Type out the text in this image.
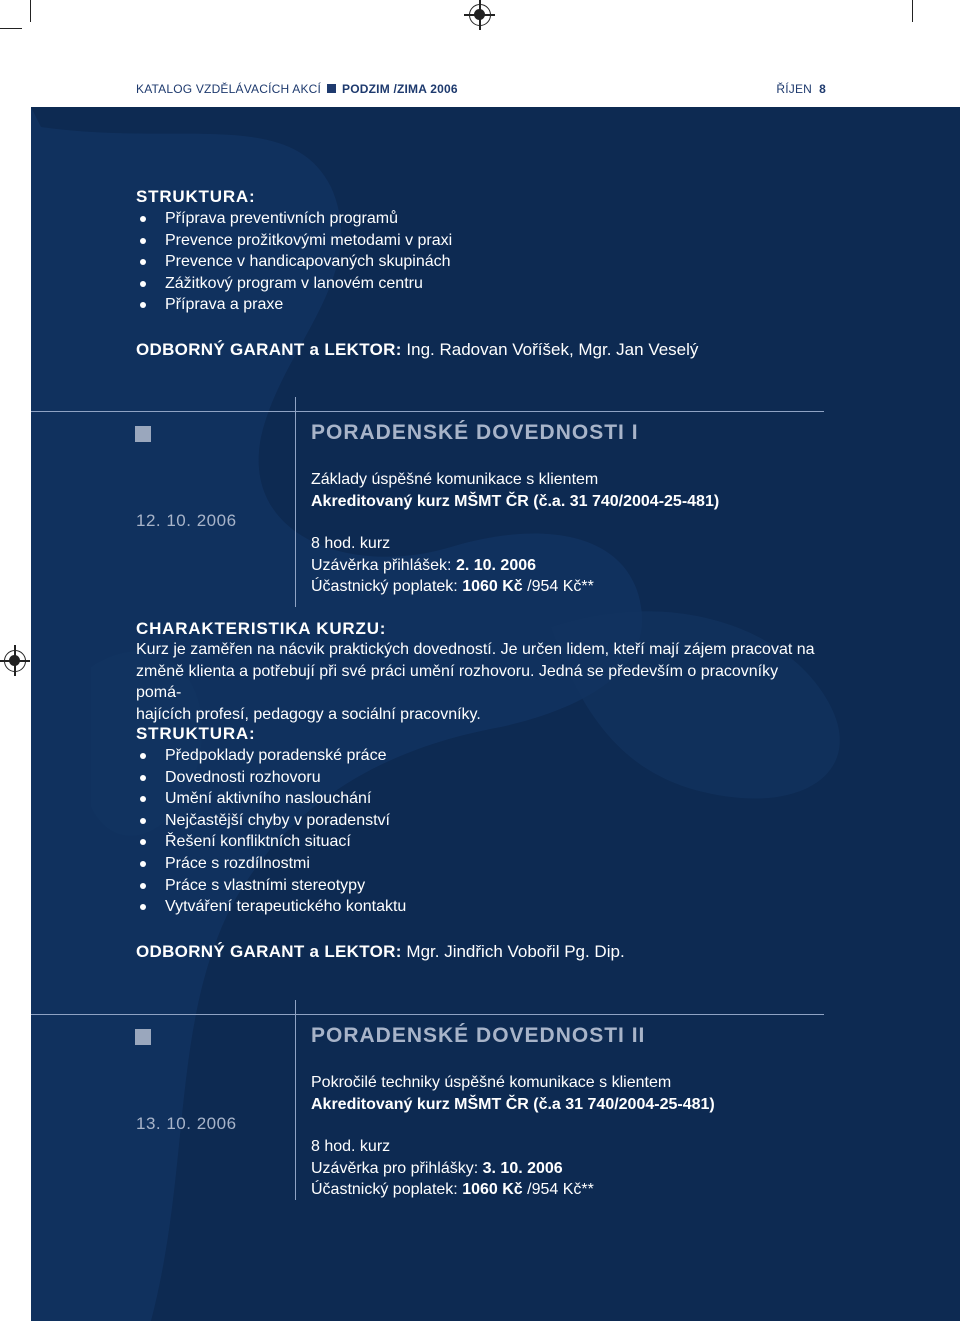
KATALOG VZDĚLÁVACÍCH AKCÍ PODZIM /ZIMA 2006	ŘÍJEN 8
STRUKTURA:
Příprava preventivních programů
Prevence prožitkovými metodami v praxi
Prevence v handicapovaných skupinách
Zážitkový program v lanovém centru
Příprava a praxe
ODBORNÝ GARANT a LEKTOR: Ing. Radovan Voříšek, Mgr. Jan Veselý
PORADENSKÉ DOVEDNOSTI I
12. 10. 2006
Základy úspěšné komunikace s klientem
Akreditovaný kurz MŠMT ČR (č.a. 31 740/2004-25-481)
8 hod. kurz
Uzávěrka přihlášek: 2. 10. 2006
Účastnický poplatek: 1060 Kč /954 Kč**
CHARAKTERISTIKA KURZU:
Kurz je zaměřen na nácvik praktických dovedností. Je určen lidem, kteří mají zájem pracovat na
změně klienta a potřebují při své práci umění rozhovoru. Jedná se především o pracovníky pomá-
hajících profesí, pedagogy a sociální pracovníky.
STRUKTURA:
Předpoklady poradenské práce
Dovednosti rozhovoru
Umění aktivního naslouchání
Nejčastější chyby v poradenství
Řešení konfliktních situací
Práce s rozdílnostmi
Práce s vlastními stereotypy
Vytváření terapeutického kontaktu
ODBORNÝ GARANT a LEKTOR: Mgr. Jindřich Vobořil Pg. Dip.
PORADENSKÉ DOVEDNOSTI II
13. 10. 2006
Pokročilé techniky úspěšné komunikace s klientem
Akreditovaný kurz MŠMT ČR (č.a 31 740/2004-25-481)
8 hod. kurz
Uzávěrka pro přihlášky: 3. 10. 2006
Účastnický poplatek: 1060 Kč /954 Kč**
